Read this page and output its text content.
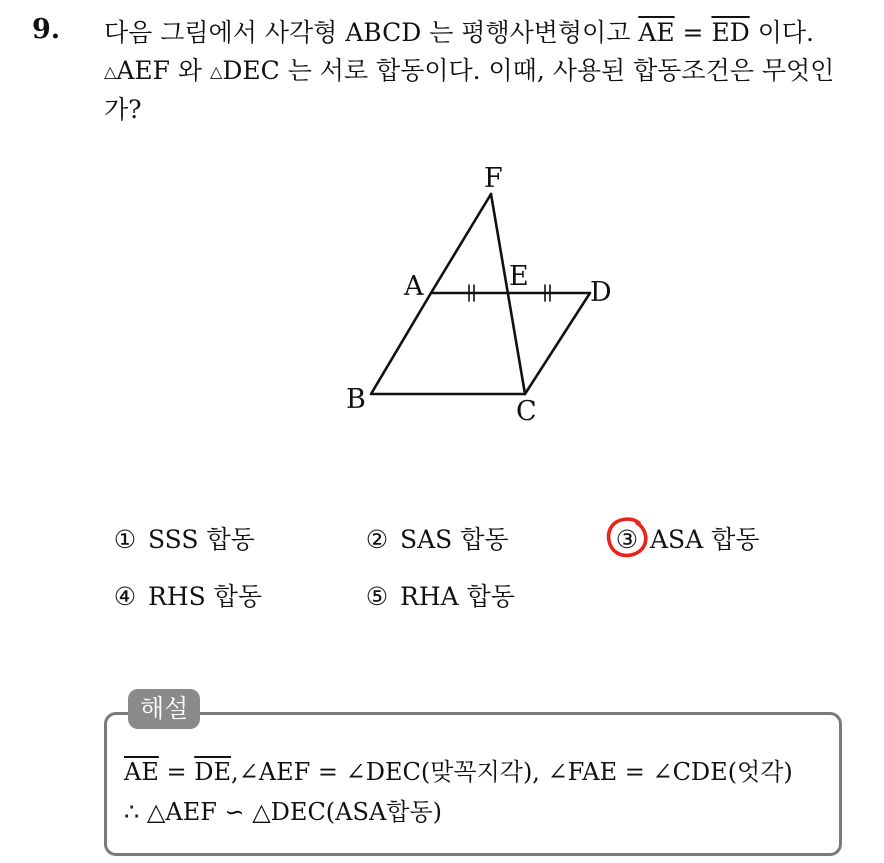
9. 다음 그림에서 사각형 ABCD 는 평행사변형이고 $\overline{AE} = \overline{ED}$ 이다.
△AEF 와 △DEC 는 서로 합동이다. 이때, 사용된 합동조건은 무엇인
가?
F
A	E
D
B	C
① SSS 합동	② SAS 합동	③ ASA 합동
④ RHS 합동	⑤ RHA 합동
해설
$\overline{AE}$ = $\overline{DE},\angle AEF$ = ∠DEC(맞꼭지각), ∠FAE = ∠CDE(엇각)
∴ △AEF ∽ △DEC(ASA합동)
